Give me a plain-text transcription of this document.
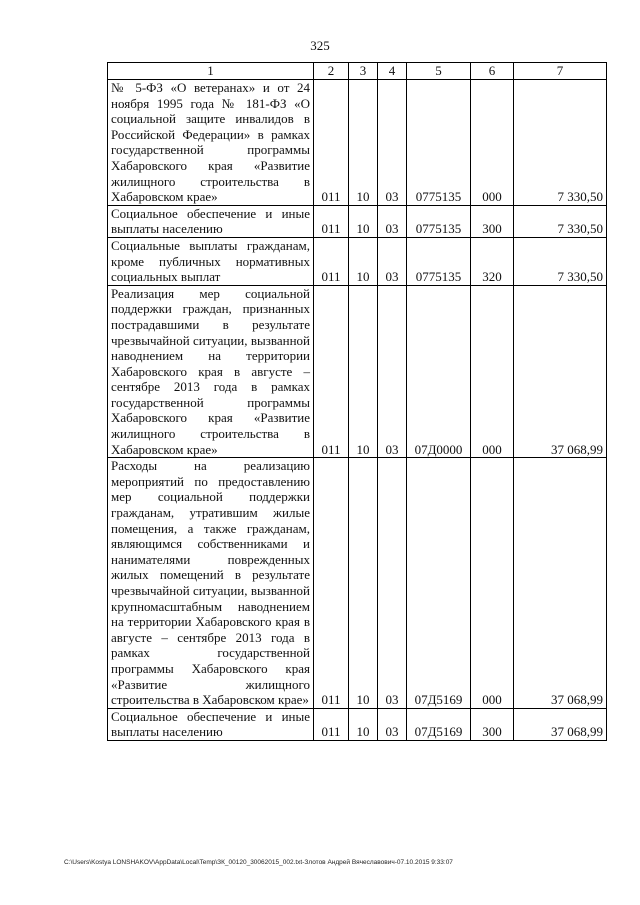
325
1	2	3	4	5	6	7
№ 5-ФЗ «О ветеранах» и от 24 ноября 1995 года № 181-ФЗ «О социальной защите инвалидов в Российской Федерации» в рамках государственной программы Хабаровского края «Развитие жилищного строительства в Хабаровском крае»	011	10	03	0775135	000	7 330,50
Социальное обеспечение и иные выплаты населению	011	10	03	0775135	300	7 330,50
Социальные выплаты гражданам, кроме публичных нормативных социальных выплат	011	10	03	0775135	320	7 330,50
Реализация мер социальной поддержки граждан, признанных пострадавшими в результате чрезвычайной ситуации, вызванной наводнением на территории Хабаровского края в августе – сентябре 2013 года в рамках государственной программы Хабаровского края «Развитие жилищного строительства в Хабаровском крае»	011	10	03	07Д0000	000	37 068,99
Расходы на реализацию мероприятий по предоставлению мер социальной поддержки гражданам, утратившим жилые помещения, а также гражданам, являющимся собственниками и нанимателями поврежденных жилых помещений в результате чрезвычайной ситуации, вызванной крупномасштабным наводнением на территории Хабаровского края в августе – сентябре 2013 года в рамках государственной программы Хабаровского края «Развитие жилищного строительства в Хабаровском крае»	011	10	03	07Д5169	000	37 068,99
Социальное обеспечение и иные выплаты населению	011	10	03	07Д5169	300	37 068,99
C:\Users\Kostya LONSHAKOV\AppData\Local\Temp\ЗК_00120_30062015_002.txt-Злотов Андрей Вячеславович-07.10.2015 9:33:07
